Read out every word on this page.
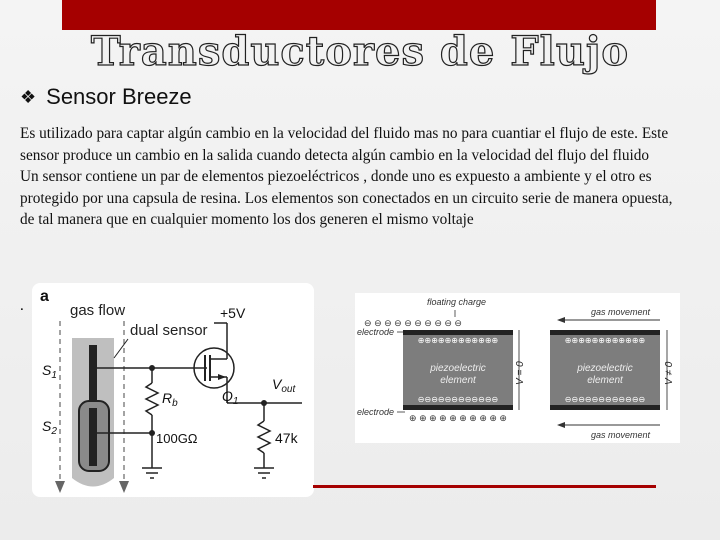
Transductores de Flujo
❖ Sensor Breeze

Es utilizado para captar algún cambio en la velocidad del fluido mas no para cuantiar el flujo de este. Este sensor produce un cambio en la salida cuando detecta algún cambio en la velocidad del flujo del fluido

Un sensor contiene un par de elementos piezoeléctricos , donde uno es expuesto a ambiente y el otro es protegido por una capsula de resina. Los elementos son conectados en un circuito serie de manera opuesta, de tal manera que en cualquier momento los dos generen el mismo voltaje

.
a
gas flow
$S_1$
$S_2$
dual sensor
$R_b$
100GΩ
$Q_1$
+5V
$V_{out}$
47k
floating charge
electrode
electrode
⊖ ⊖ ⊖ ⊖ ⊖ ⊖ ⊖ ⊖ ⊖ ⊖
⊕⊕⊕⊕⊕⊕⊕⊕⊕⊕⊕⊕
⊖⊖⊖⊖⊖⊖⊖⊖⊖⊖⊖⊖
piezoelectric
element
⊕ ⊕ ⊕ ⊕ ⊕ ⊕ ⊕ ⊕ ⊕ ⊕
V = 0
gas movement
⊕⊕⊕⊕⊕⊕⊕⊕⊕⊕⊕⊕
⊖⊖⊖⊖⊖⊖⊖⊖⊖⊖⊖⊖
piezoelectric
element
gas movement
V ≠ 0
